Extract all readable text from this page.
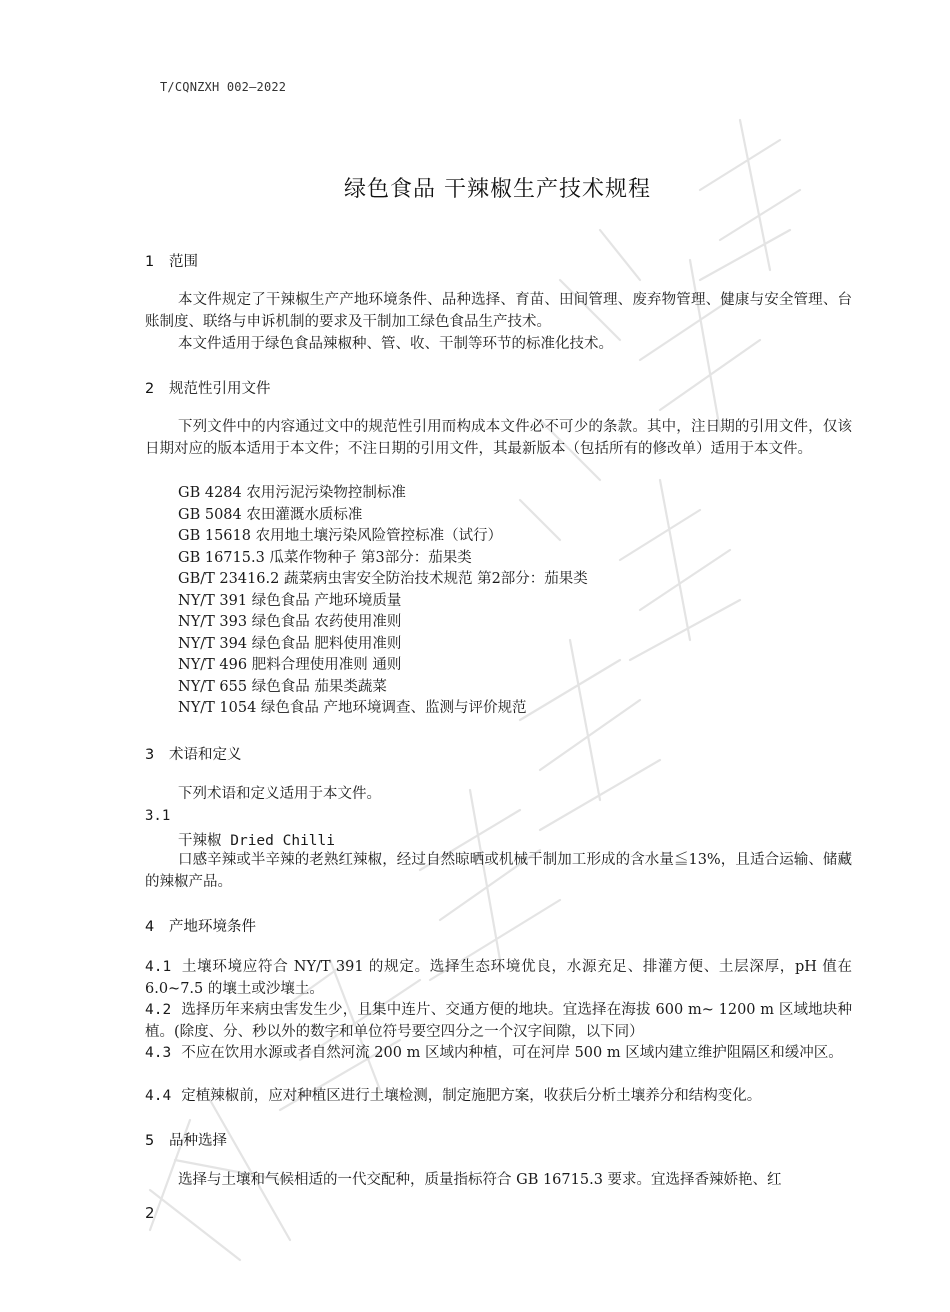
T/CQNZXH 002—2022
绿色食品 干辣椒生产技术规程
1 范围
本文件规定了干辣椒生产产地环境条件、品种选择、育苗、田间管理、废弃物管理、健康与安全管理、台账制度、联络与申诉机制的要求及干制加工绿色食品生产技术。
本文件适用于绿色食品辣椒种、管、收、干制等环节的标准化技术。
2 规范性引用文件
下列文件中的内容通过文中的规范性引用而构成本文件必不可少的条款。其中，注日期的引用文件，仅该日期对应的版本适用于本文件；不注日期的引用文件，其最新版本（包括所有的修改单）适用于本文件。
GB 4284 农用污泥污染物控制标准
GB 5084 农田灌溉水质标准
GB 15618 农用地土壤污染风险管控标准（试行）
GB 16715.3 瓜菜作物种子 第3部分：茄果类
GB/T 23416.2 蔬菜病虫害安全防治技术规范 第2部分：茄果类
NY/T 391 绿色食品 产地环境质量
NY/T 393 绿色食品 农药使用准则
NY/T 394 绿色食品 肥料使用准则
NY/T 496 肥料合理使用准则 通则
NY/T 655 绿色食品 茄果类蔬菜
NY/T 1054 绿色食品 产地环境调查、监测与评价规范
3 术语和定义
下列术语和定义适用于本文件。
3.1
干辣椒 Dried Chilli
口感辛辣或半辛辣的老熟红辣椒，经过自然晾晒或机械干制加工形成的含水量≦13%，且适合运输、储藏的辣椒产品。
4 产地环境条件
4.1 土壤环境应符合 NY/T 391 的规定。选择生态环境优良，水源充足、排灌方便、土层深厚，pH 值在 6.0~7.5 的壤土或沙壤土。
4.2 选择历年来病虫害发生少，且集中连片、交通方便的地块。宜选择在海拔 600 m~ 1200 m 区域地块种植。(除度、分、秒以外的数字和单位符号要空四分之一个汉字间隙，以下同）
4.3 不应在饮用水源或者自然河流 200 m 区域内种植，可在河岸 500 m 区域内建立维护阻隔区和缓冲区。
4.4 定植辣椒前，应对种植区进行土壤检测，制定施肥方案，收获后分析土壤养分和结构变化。
5 品种选择
选择与土壤和气候相适的一代交配种，质量指标符合 GB 16715.3 要求。宜选择香辣娇艳、红
2
